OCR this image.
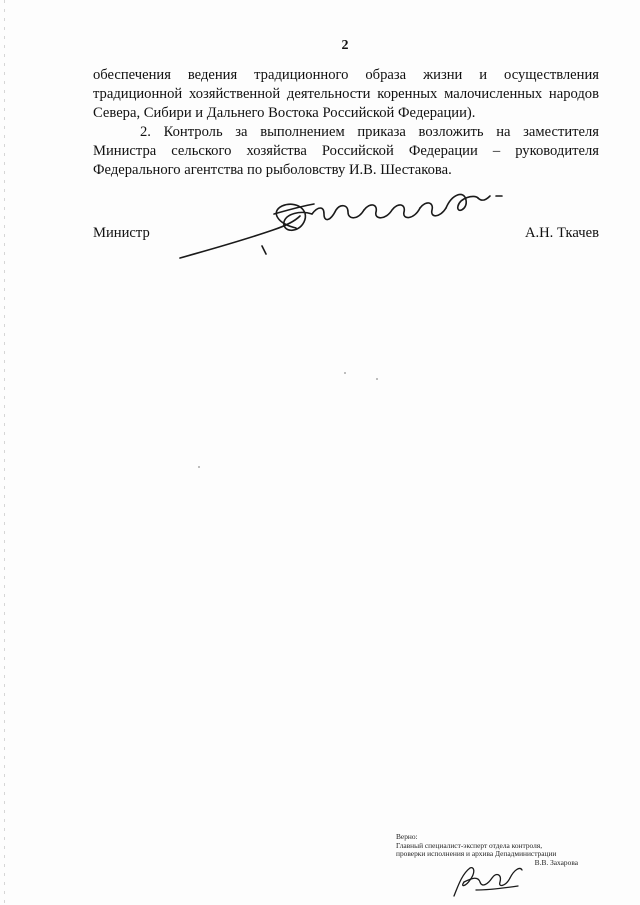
2

обеспечения ведения традиционного образа жизни и осуществления традиционной хозяйственной деятельности коренных малочисленных народов Севера, Сибири и Дальнего Востока Российской Федерации).

2. Контроль за выполнением приказа возложить на заместителя Министра сельского хозяйства Российской Федерации – руководителя Федерального агентства по рыболовству И.В. Шестакова.

Министр	А.Н. Ткачев
Верно:
Главный специалист-эксперт отдела контроля,
проверки исполнения и архива Депадминистрации
В.В. Захарова
